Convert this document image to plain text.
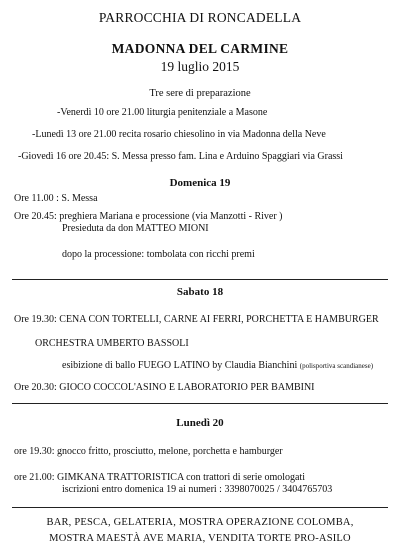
PARROCCHIA DI RONCADELLA
MADONNA DEL CARMINE
19 luglio 2015
Tre sere di preparazione
-Venerdì 10 ore 21.00 liturgia penitenziale a Masone
-Lunedì 13 ore 21.00 recita rosario chiesolino in via Madonna della Neve
-Giovedì 16 ore 20.45: S. Messa presso fam. Lina e Arduino Spaggiari via Grassi
Domenica 19
Ore 11.00 : S. Messa
Ore 20.45: preghiera Mariana e processione (via Manzotti - River )
Presieduta da don MATTEO MIONI
dopo la processione: tombolata con ricchi premi
Sabato 18
Ore 19.30: CENA CON TORTELLI, CARNE AI FERRI, PORCHETTA E HAMBURGER
ORCHESTRA UMBERTO BASSOLI
esibizione di ballo FUEGO LATINO by Claudia Bianchini (polisportiva scandianese)
Ore 20.30: GIOCO COCCOL'ASINO E LABORATORIO PER BAMBINI
Lunedì 20
ore 19.30: gnocco fritto, prosciutto, melone, porchetta e hamburger
ore 21.00: GIMKANA TRATTORISTICA con trattori di serie omologati
iscrizioni entro domenica 19 ai numeri : 3398070025 / 3404765703
BAR, PESCA, GELATERIA, MOSTRA OPERAZIONE COLOMBA,
MOSTRA MAESTÀ AVE MARIA, VENDITA TORTE PRO-ASILO
